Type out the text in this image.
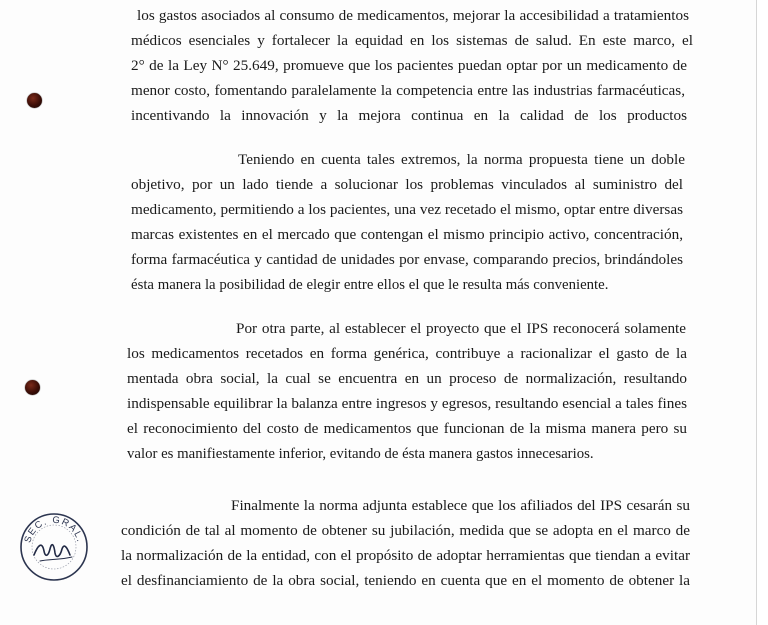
los gastos asociados al consumo de medicamentos, mejorar la accesibilidad a tratamientos
médicos esenciales y fortalecer la equidad en los sistemas de salud. En este marco, el
2° de la Ley N° 25.649, promueve que los pacientes puedan optar por un medicamento de
menor costo, fomentando paralelamente la competencia entre las industrias farmacéuticas,
incentivando la innovación y la mejora continua en la calidad de los productos
Teniendo en cuenta tales extremos, la norma propuesta tiene un doble
objetivo, por un lado tiende a solucionar los problemas vinculados al suministro del
medicamento, permitiendo a los pacientes, una vez recetado el mismo, optar entre diversas
marcas existentes en el mercado que contengan el mismo principio activo, concentración,
forma farmacéutica y cantidad de unidades por envase, comparando precios, brindándoles
ésta manera la posibilidad de elegir entre ellos el que le resulta más conveniente.
Por otra parte, al establecer el proyecto que el IPS reconocerá solamente
los medicamentos recetados en forma genérica, contribuye a racionalizar el gasto de la
mentada obra social, la cual se encuentra en un proceso de normalización, resultando
indispensable equilibrar la balanza entre ingresos y egresos, resultando esencial a tales fines
el reconocimiento del costo de medicamentos que funcionan de la misma manera pero su
valor es manifiestamente inferior, evitando de ésta manera gastos innecesarios.
Finalmente la norma adjunta establece que los afiliados del IPS cesarán su
condición de tal al momento de obtener su jubilación, medida que se adopta en el marco de
la normalización de la entidad, con el propósito de adoptar herramientas que tiendan a evitar
el desfinanciamiento de la obra social, teniendo en cuenta que en el momento de obtener la
SEC. GRAL.
